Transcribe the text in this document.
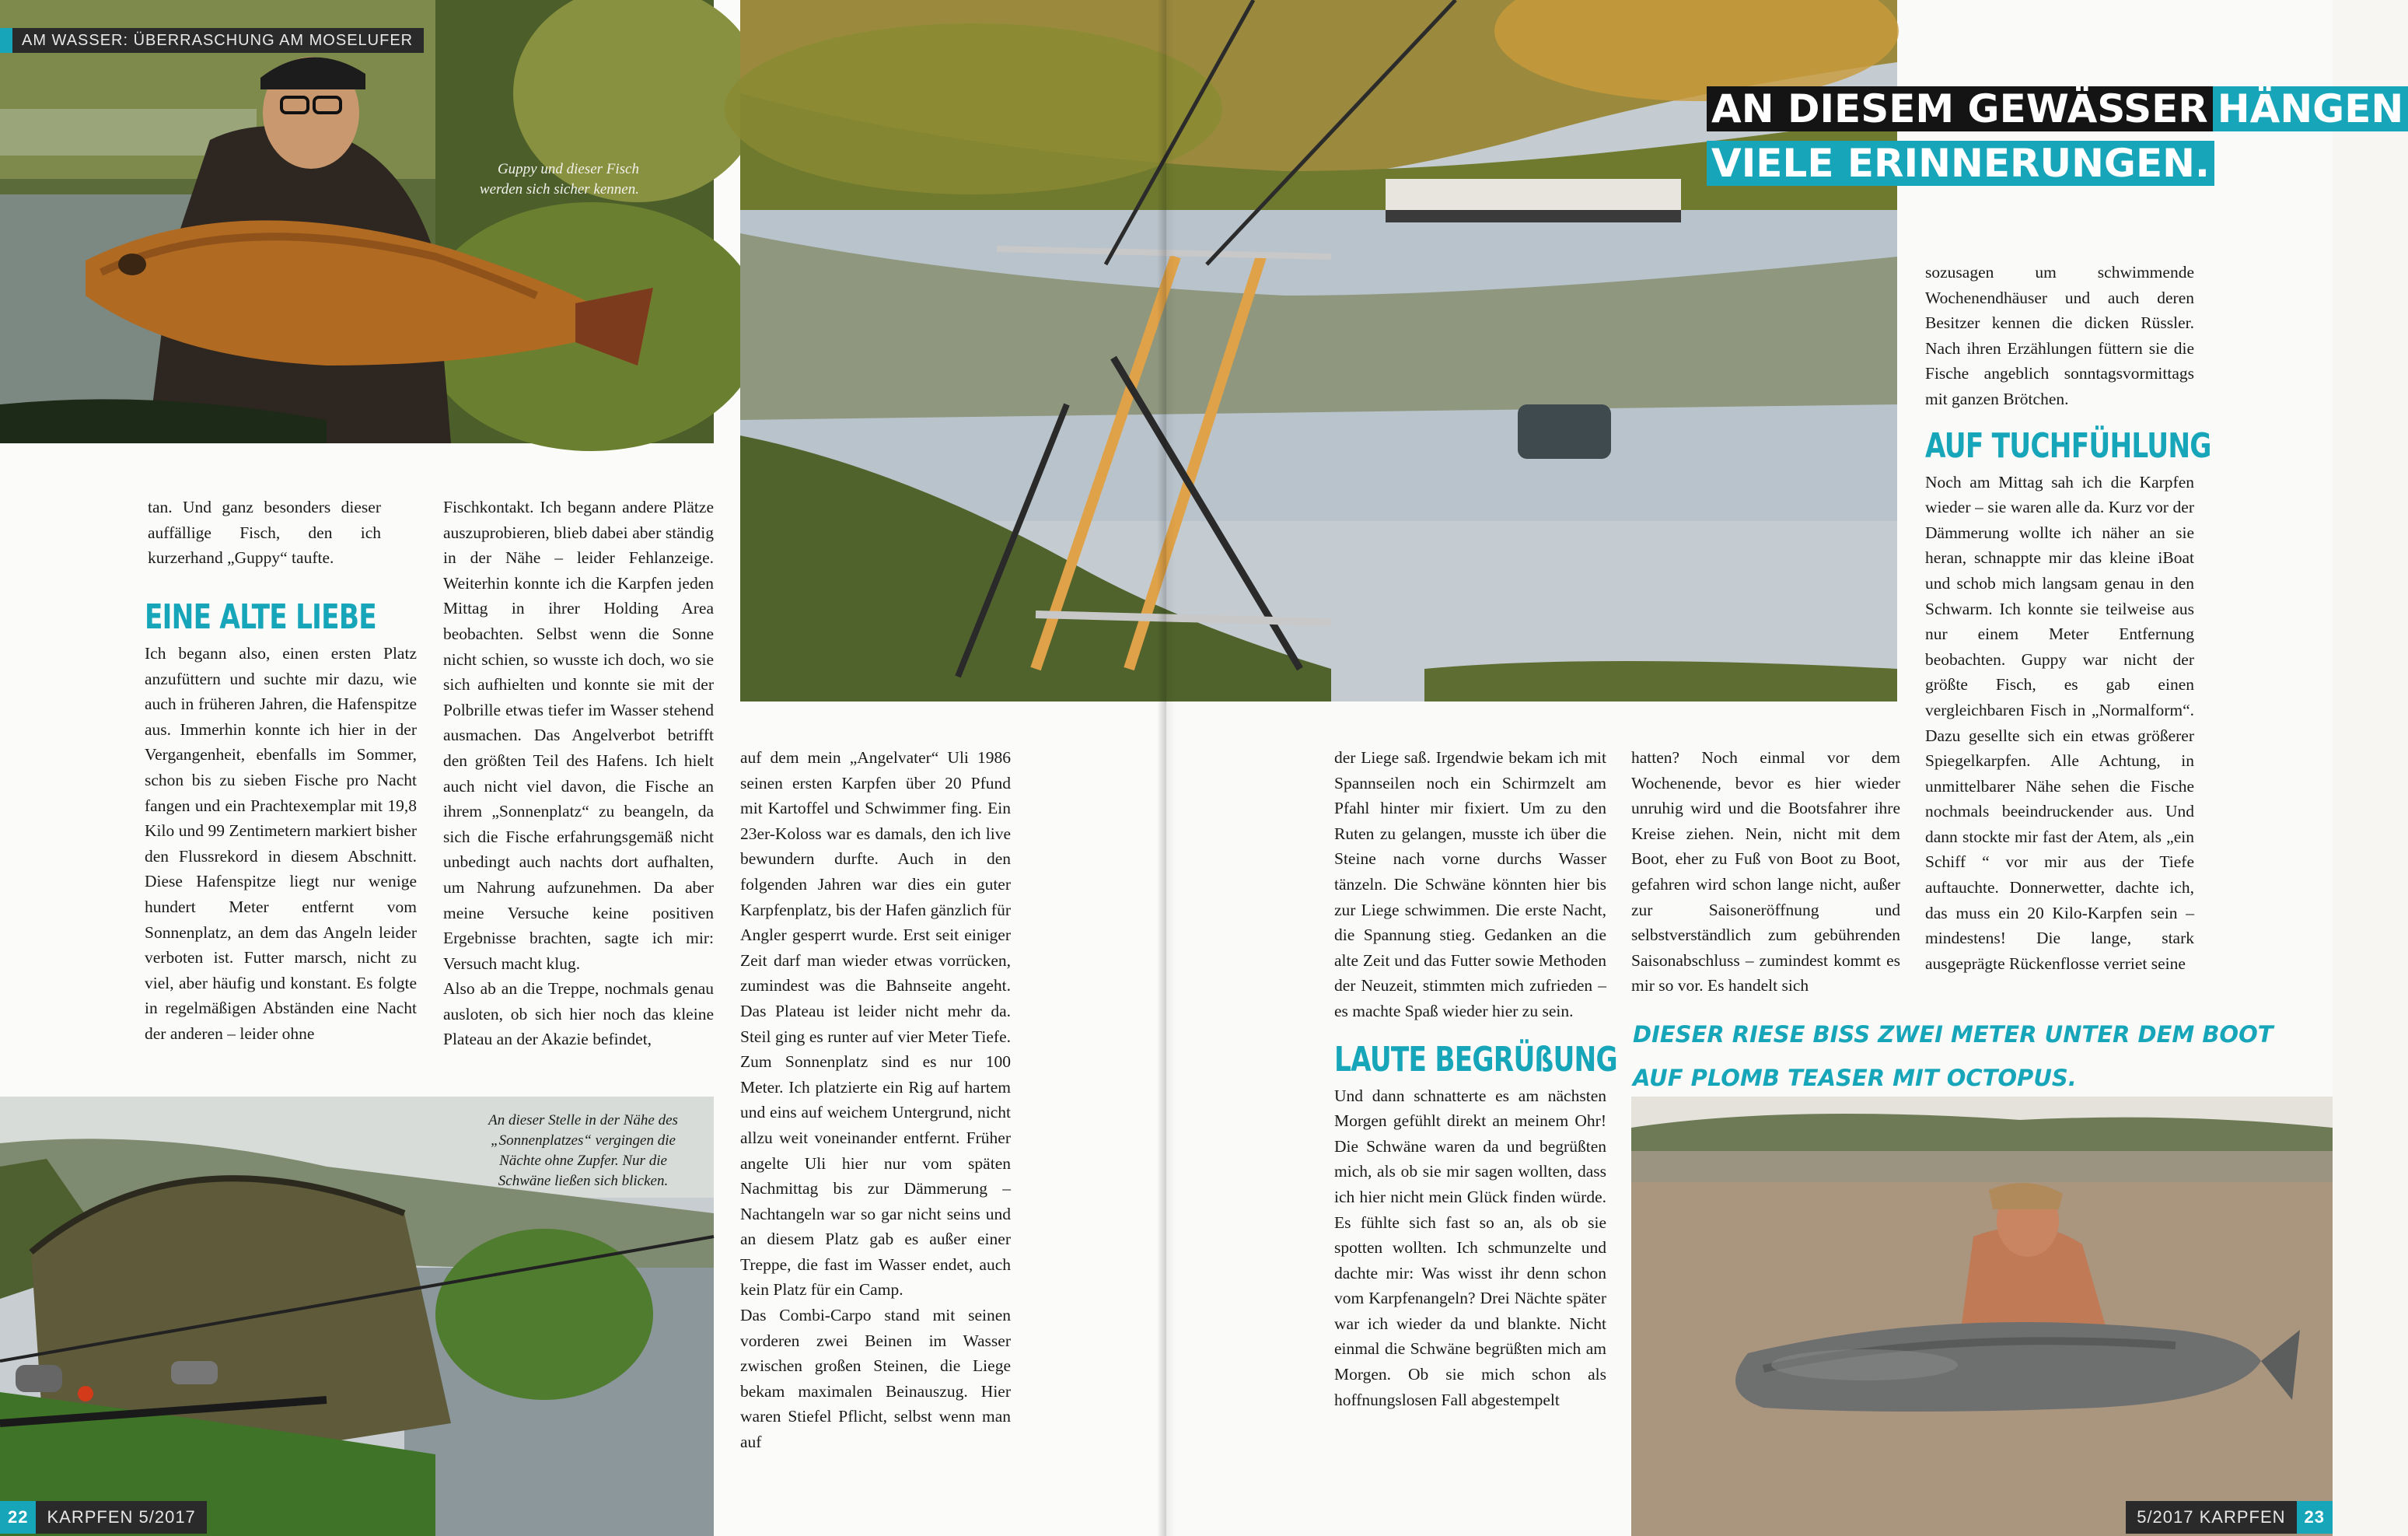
Guppy und dieser Fisch werden sich sicher kennen.
AM WASSER: ÜBERRASCHUNG AM MOSELUFER
An dieser Stelle in der Nähe des „Sonnenplatzes“ vergingen die Nächte ohne Zupfer. Nur die Schwäne ließen sich blicken.
AN DIESEM GEWÄSSER HÄNGEN
VIELE ERINNERUNGEN.

tan. Und ganz besonders dieser auffällige Fisch, den ich kurzerhand „Guppy“ taufte.

EINE ALTE LIEBE

Ich begann also, einen ersten Platz anzufüttern und suchte mir dazu, wie auch in früheren Jahren, die Hafenspitze aus. Immerhin konnte ich hier in der Vergangenheit, ebenfalls im Sommer, schon bis zu sieben Fische pro Nacht fangen und ein Prachtexemplar mit 19,8 Kilo und 99 Zentimetern markiert bisher den Flussrekord in diesem Abschnitt. Diese Hafenspitze liegt nur wenige hundert Meter entfernt vom Sonnenplatz, an dem das Angeln leider verboten ist. Futter marsch, nicht zu viel, aber häufig und konstant. Es folgte in regelmäßigen Abständen eine Nacht der anderen – leider ohne

Fischkontakt. Ich begann andere Plätze auszuprobieren, blieb dabei aber ständig in der Nähe – leider Fehlanzeige. Weiterhin konnte ich die Karpfen jeden Mittag in ihrer Holding Area beobachten. Selbst wenn die Sonne nicht schien, so wusste ich doch, wo sie sich aufhielten und konnte sie mit der Polbrille etwas tiefer im Wasser stehend ausmachen. Das Angelverbot betrifft den größten Teil des Hafens. Ich hielt auch nicht viel davon, die Fische an ihrem „Sonnenplatz“ zu beangeln, da sich die Fische erfahrungsgemäß nicht unbedingt auch nachts dort aufhalten, um Nahrung aufzunehmen. Da aber meine Versuche keine positiven Ergebnisse brachten, sagte ich mir: Versuch macht klug.

Also ab an die Treppe, nochmals genau ausloten, ob sich hier noch das kleine Plateau an der Akazie befindet,

auf dem mein „Angelvater“ Uli 1986 seinen ersten Karpfen über 20 Pfund mit Kartoffel und Schwimmer fing. Ein 23er-Koloss war es damals, den ich live bewundern durfte. Auch in den folgenden Jahren war dies ein guter Karpfenplatz, bis der Hafen gänzlich für Angler gesperrt wurde. Erst seit einiger Zeit darf man wieder etwas vorrücken, zumindest was die Bahnseite angeht. Das Plateau ist leider nicht mehr da. Steil ging es runter auf vier Meter Tiefe. Zum Sonnenplatz sind es nur 100 Meter. Ich platzierte ein Rig auf hartem und eins auf weichem Untergrund, nicht allzu weit voneinander entfernt. Früher angelte Uli hier nur vom späten Nachmittag bis zur Dämmerung – Nachtangeln war so gar nicht seins und an diesem Platz gab es außer einer Treppe, die fast im Wasser endet, auch kein Platz für ein Camp.

Das Combi-Carpo stand mit seinen vorderen zwei Beinen im Wasser zwischen großen Steinen, die Liege bekam maximalen Beinauszug. Hier waren Stiefel Pflicht, selbst wenn man auf

der Liege saß. Irgendwie bekam ich mit Spannseilen noch ein Schirmzelt am Pfahl hinter mir fixiert. Um zu den Ruten zu gelangen, musste ich über die Steine nach vorne durchs Wasser tänzeln. Die Schwäne könnten hier bis zur Liege schwimmen. Die erste Nacht, die Spannung stieg. Gedanken an die alte Zeit und das Futter sowie Methoden der Neuzeit, stimmten mich zufrieden – es machte Spaß wieder hier zu sein.

LAUTE BEGRÜßUNG

Und dann schnatterte es am nächsten Morgen gefühlt direkt an meinem Ohr! Die Schwäne waren da und begrüßten mich, als ob sie mir sagen wollten, dass ich hier nicht mein Glück finden würde. Es fühlte sich fast so an, als ob sie spotten wollten. Ich schmunzelte und dachte mir: Was wisst ihr denn schon vom Karpfenangeln? Drei Nächte später war ich wieder da und blankte. Nicht einmal die Schwäne begrüßten mich am Morgen. Ob sie mich schon als hoffnungslosen Fall abgestempelt

hatten? Noch einmal vor dem Wochenende, bevor es hier wieder unruhig wird und die Bootsfahrer ihre Kreise ziehen. Nein, nicht mit dem Boot, eher zu Fuß von Boot zu Boot, gefahren wird schon lange nicht, außer zur Saisoneröffnung und selbstverständlich zum gebührenden Saisonabschluss – zumindest kommt es mir so vor. Es handelt sich

sozusagen um schwimmende Wochenendhäuser und auch deren Besitzer kennen die dicken Rüssler. Nach ihren Erzählungen füttern sie die Fische angeblich sonntagsvormittags mit ganzen Brötchen.

AUF TUCHFÜHLUNG

Noch am Mittag sah ich die Karpfen wieder – sie waren alle da. Kurz vor der Dämmerung wollte ich näher an sie heran, schnappte mir das kleine iBoat und schob mich langsam genau in den Schwarm. Ich konnte sie teilweise aus nur einem Meter Entfernung beobachten. Guppy war nicht der größte Fisch, es gab einen vergleichbaren Fisch in „Normalform“. Dazu gesellte sich ein etwas größerer Spiegelkarpfen. Alle Achtung, in unmittelbarer Nähe sehen die Fische nochmals beeindruckender aus. Und dann stockte mir fast der Atem, als „ein Schiff “ vor mir aus der Tiefe auftauchte. Donnerwetter, dachte ich, das muss ein 20 Kilo-Karpfen sein – mindestens! Die lange, stark ausgeprägte Rückenflosse verriet seine

DIESER RIESE BISS ZWEI METER UNTER DEM BOOT AUF PLOMB TEASER MIT OCTOPUS.
22	KARPFEN 5/2017	5/2017 KARPFEN	23
